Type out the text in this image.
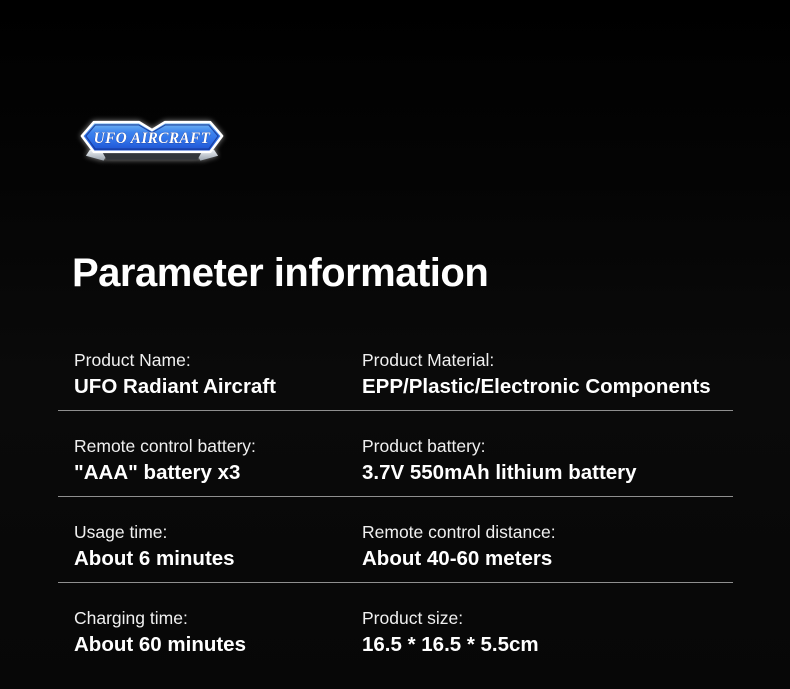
UFO AIRCRAFT
Parameter information
Product Name:
UFO Radiant Aircraft
Product Material:
EPP/Plastic/Electronic Components
Remote control battery:
"AAA" battery x3
Product battery:
3.7V 550mAh lithium battery
Usage time:
About 6 minutes
Remote control distance:
About 40-60 meters
Charging time:
About 60 minutes
Product size:
16.5 * 16.5 * 5.5cm
